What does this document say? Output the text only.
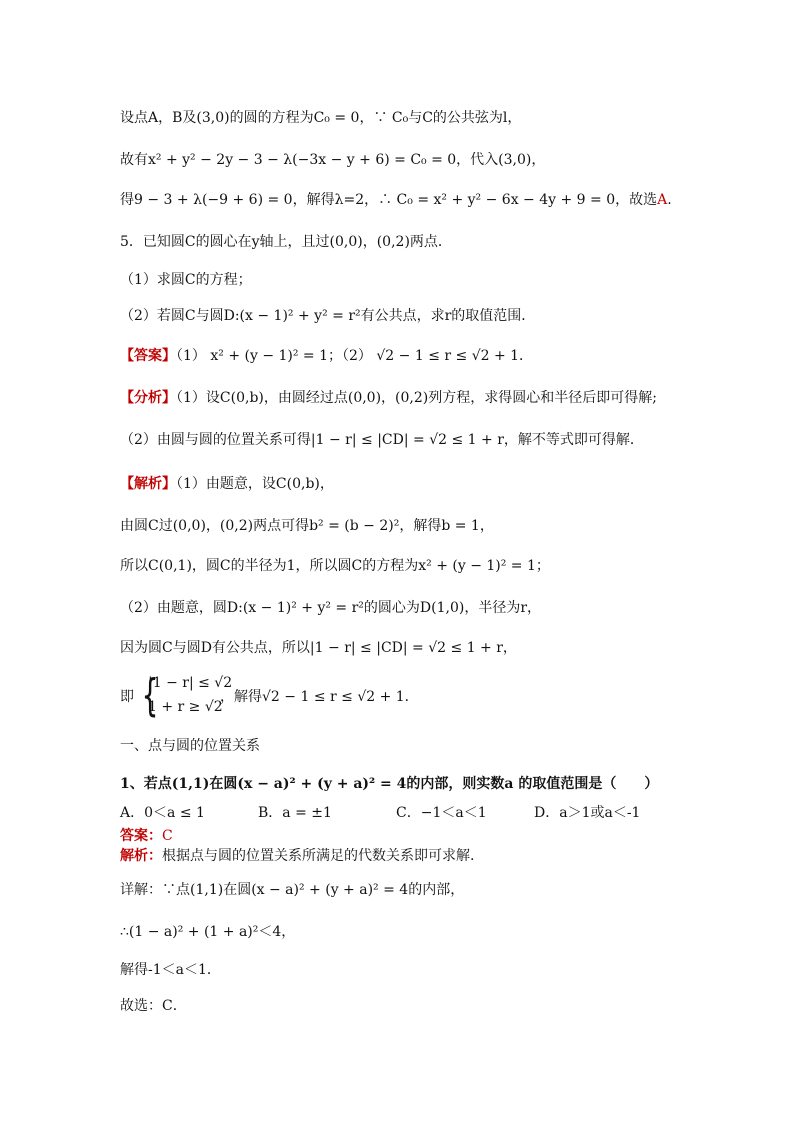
设点A，B及(3,0)的圆的方程为C₀ = 0，∵ C₀与C的公共弦为l，
故有x² + y² − 2y − 3 − λ(−3x − y + 6) = C₀ = 0，代入(3,0)，
得9 − 3 + λ(−9 + 6) = 0，解得λ=2，∴ C₀ = x² + y² − 6x − 4y + 9 = 0，故选A.
5．已知圆C的圆心在y轴上，且过(0,0)，(0,2)两点．
（1）求圆C的方程；
（2）若圆C与圆D:(x − 1)² + y² = r²有公共点，求r的取值范围．
【答案】（1） x² + (y − 1)² = 1；（2） √2 − 1 ≤ r ≤ √2 + 1．
【分析】（1）设C(0,b)，由圆经过点(0,0)，(0,2)列方程，求得圆心和半径后即可得解;
（2）由圆与圆的位置关系可得|1 − r| ≤ |CD| = √2 ≤ 1 + r，解不等式即可得解．
【解析】（1）由题意，设C(0,b)，
由圆C过(0,0)，(0,2)两点可得b² = (b − 2)²，解得b = 1，
所以C(0,1)，圆C的半径为1，所以圆C的方程为x² + (y − 1)² = 1；
（2）由题意，圆D:(x − 1)² + y² = r²的圆心为D(1,0)，半径为r，
因为圆C与圆D有公共点，所以|1 − r| ≤ |CD| = √2 ≤ 1 + r，
即 {
|1 − r| ≤ √2
1 + r ≥ √2
，解得√2 − 1 ≤ r ≤ √2 + 1．
一、点与圆的位置关系
1、若点(1,1)在圆(x − a)² + (y + a)² = 4的内部，则实数a 的取值范围是（　　）
A．0＜a ≤ 1	B．a = ±1	C．−1＜a＜1	D．a＞1或a＜-1
答案：C
解析：根据点与圆的位置关系所满足的代数关系即可求解.
详解：∵点(1,1)在圆(x − a)² + (y + a)² = 4的内部，
∴(1 − a)² + (1 + a)²＜4，
解得-1＜a＜1．
故选：C．
